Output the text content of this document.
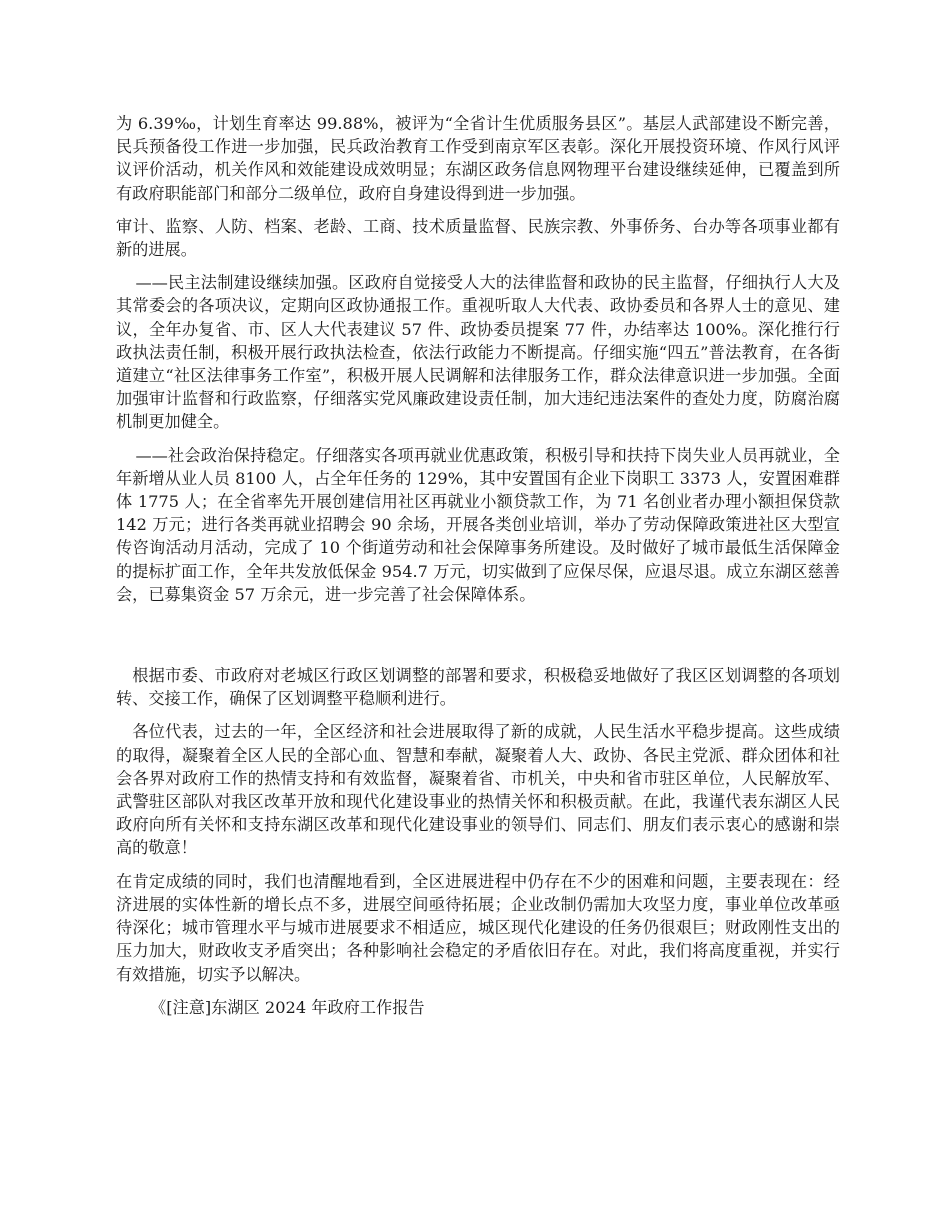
为 6.39‰，计划生育率达 99.88%，被评为“全省计生优质服务县区”。基层人武部建设不断完善，民兵预备役工作进一步加强，民兵政治教育工作受到南京军区表彰。深化开展投资环境、作风行风评议评价活动，机关作风和效能建设成效明显；东湖区政务信息网物理平台建设继续延伸，已覆盖到所有政府职能部门和部分二级单位，政府自身建设得到进一步加强。

审计、监察、人防、档案、老龄、工商、技术质量监督、民族宗教、外事侨务、台办等各项事业都有新的进展。

——民主法制建设继续加强。区政府自觉接受人大的法律监督和政协的民主监督，仔细执行人大及其常委会的各项决议，定期向区政协通报工作。重视听取人大代表、政协委员和各界人士的意见、建议，全年办复省、市、区人大代表建议 57 件、政协委员提案 77 件，办结率达 100%。深化推行行政执法责任制，积极开展行政执法检查，依法行政能力不断提高。仔细实施“四五”普法教育，在各街道建立“社区法律事务工作室”，积极开展人民调解和法律服务工作，群众法律意识进一步加强。全面加强审计监督和行政监察，仔细落实党风廉政建设责任制，加大违纪违法案件的查处力度，防腐治腐机制更加健全。

——社会政治保持稳定。仔细落实各项再就业优惠政策，积极引导和扶持下岗失业人员再就业，全年新增从业人员 8100 人，占全年任务的 129%，其中安置国有企业下岗职工 3373 人，安置困难群体 1775 人；在全省率先开展创建信用社区再就业小额贷款工作，为 71 名创业者办理小额担保贷款 142 万元；进行各类再就业招聘会 90 余场，开展各类创业培训，举办了劳动保障政策进社区大型宣传咨询活动月活动，完成了 10 个街道劳动和社会保障事务所建设。及时做好了城市最低生活保障金的提标扩面工作，全年共发放低保金 954.7 万元，切实做到了应保尽保，应退尽退。成立东湖区慈善会，已募集资金 57 万余元，进一步完善了社会保障体系。

根据市委、市政府对老城区行政区划调整的部署和要求，积极稳妥地做好了我区区划调整的各项划转、交接工作，确保了区划调整平稳顺利进行。

各位代表，过去的一年，全区经济和社会进展取得了新的成就，人民生活水平稳步提高。这些成绩的取得，凝聚着全区人民的全部心血、智慧和奉献，凝聚着人大、政协、各民主党派、群众团体和社会各界对政府工作的热情支持和有效监督，凝聚着省、市机关，中央和省市驻区单位，人民解放军、武警驻区部队对我区改革开放和现代化建设事业的热情关怀和积极贡献。在此，我谨代表东湖区人民政府向所有关怀和支持东湖区改革和现代化建设事业的领导们、同志们、朋友们表示衷心的感谢和崇高的敬意！

在肯定成绩的同时，我们也清醒地看到，全区进展进程中仍存在不少的困难和问题，主要表现在：经济进展的实体性新的增长点不多，进展空间亟待拓展；企业改制仍需加大攻坚力度，事业单位改革亟待深化；城市管理水平与城市进展要求不相适应，城区现代化建设的任务仍很艰巨；财政刚性支出的压力加大，财政收支矛盾突出；各种影响社会稳定的矛盾依旧存在。对此，我们将高度重视，并实行有效措施，切实予以解决。

《[注意]东湖区 2024 年政府工作报告
